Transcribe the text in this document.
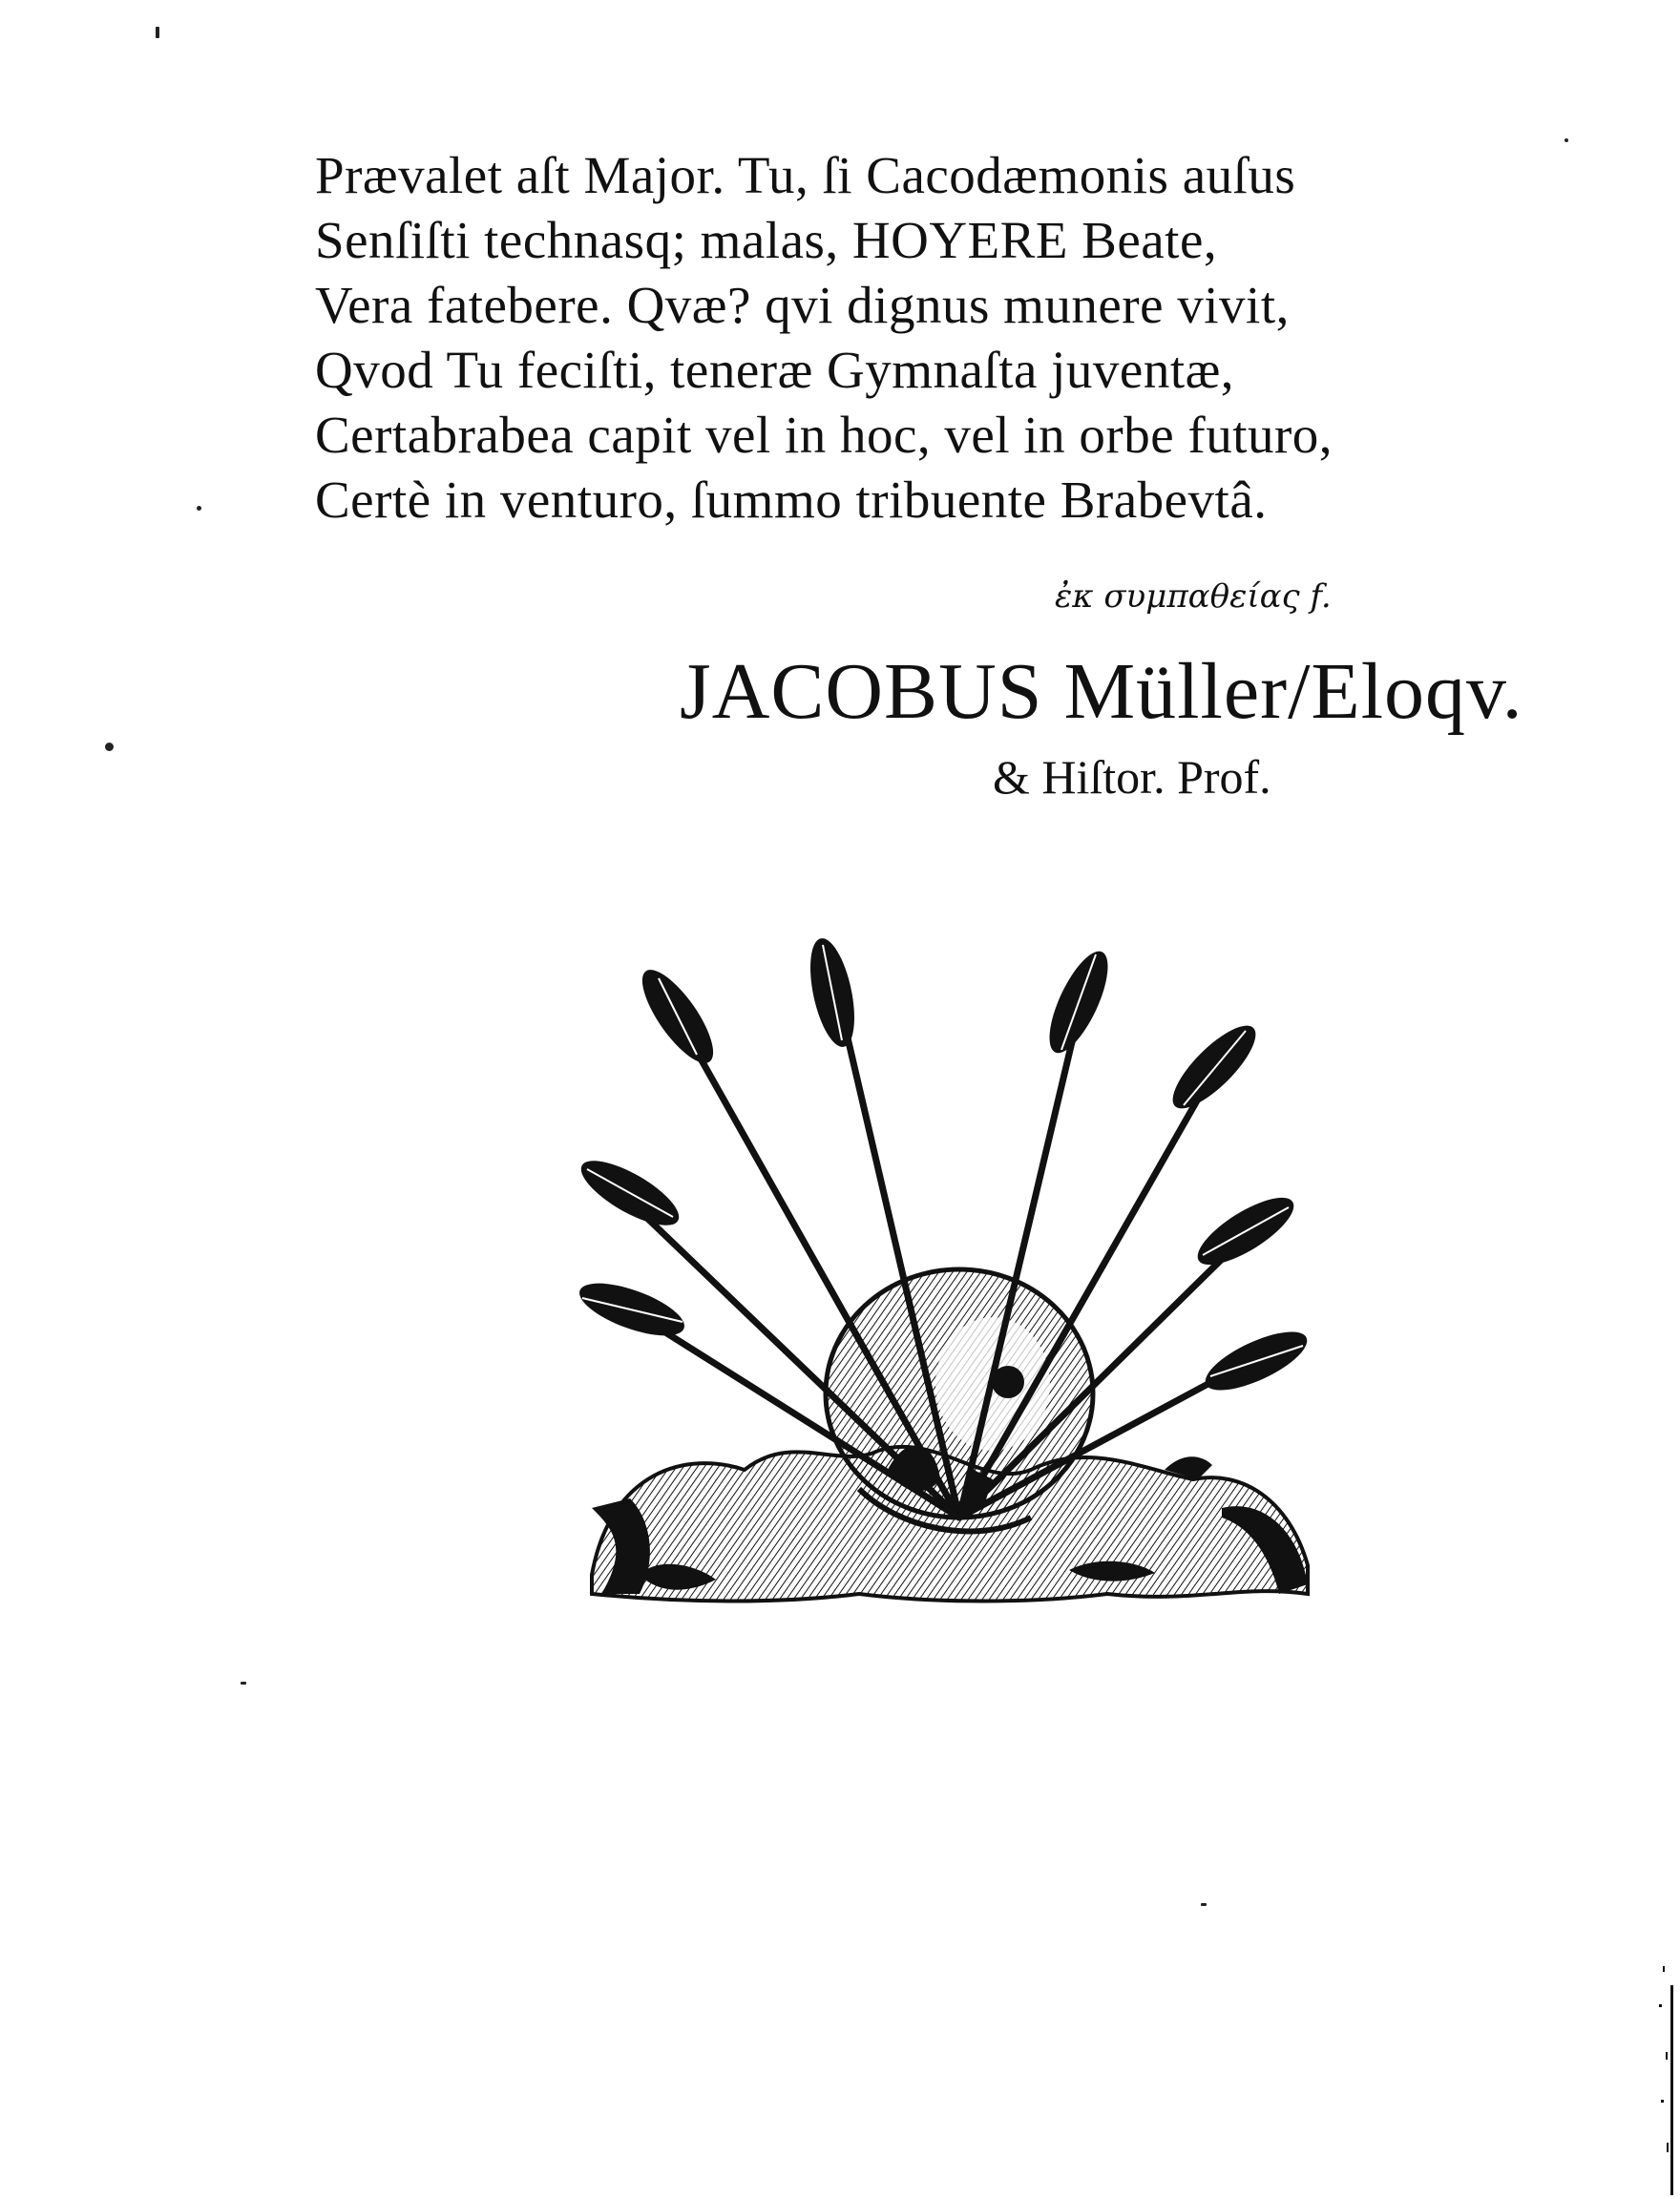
Prævalet aſt Major. Tu, ſi Cacodæmonis auſus
Senſiſti technasq; malas, HOYERE Beate,
Vera fatebere. Qvæ? qvi dignus munere vivit,
Qvod Tu feciſti, teneræ Gymnaſta juventæ,
Certabrabea capit vel in hoc, vel in orbe futuro,
Certè in venturo, ſummo tribuente Brabevtâ.
ἐκ συμπαθείας f.
JACOBUS Müller/Eloqv.
& Hiſtor. Prof.
